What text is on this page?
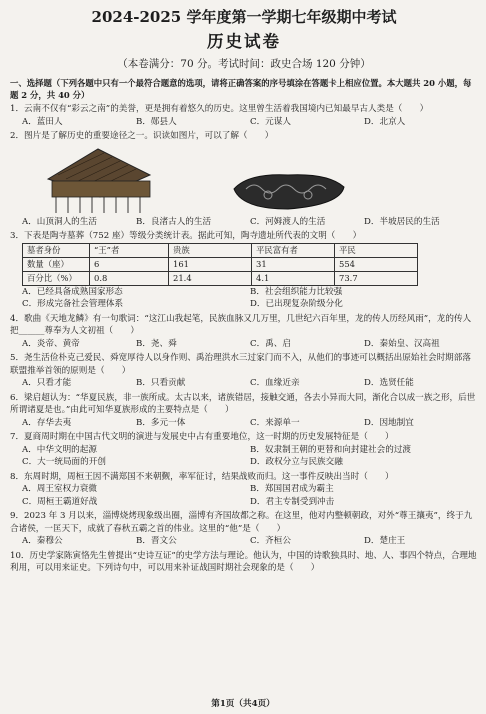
2024-2025 学年度第一学期七年级期中考试
历史试卷
（本卷满分：70 分。考试时间：政史合场 120 分钟）
一、选择题（下列各题中只有一个最符合题意的选项，请将正确答案的序号填涂在答题卡上相应位置。本大题共 20 小题，每题 2 分，共 40 分）
1．云南不仅有“彩云之南”的美誉，更是拥有着悠久的历史。这里曾生活着我国境内已知最早古人类是（　　）
A．蓝田人	B．郧县人	C．元谋人	D．北京人
2．图片是了解历史的重要途径之一。识读如图片，可以了解（　　）
A．山顶洞人的生活	B．良渚古人的生活	C．河姆渡人的生活	D．半坡居民的生活
3．下表是陶寺墓葬（752 座）等级分类统计表。据此可知，陶寺遗址所代表的文明（　　）
墓者身份	“王”者	贵族	平民富有者	平民
数量（座）	6	161	31	554
百分比（%）	0.8	21.4	4.1	73.7
A．已经具备成熟国家形态	B．社会组织能力比较强
C．形成完备社会管理体系	D．已出现复杂阶级分化
4．歌曲《天地龙鳞》有一句歌词：“这江山我起笔，民族血脉又几万里，几世纪六百年里，龙的传人历经风雨”，龙的传人把______尊奉为人文初祖（　　）
A．炎帝、黄帝	B．尧、舜	C．禹、启	D．秦始皇、汉高祖
5．尧生活俭朴克己爱民、舜宽厚待人以身作则、禹治理洪水三过家门而不入，从他们的事迹可以概括出原始社会时期部落联盟推举首领的原则是（　　）
A．只看才能	B．只看贡献	C．血缘近亲	D．选贤任能
6．梁启超认为：“华夏民族，非一族所成。太古以来，诸族错居，接触交通，各去小异而大同，渐化合以成一族之形，后世所谓诸夏是也。”由此可知华夏族形成的主要特点是（　　）
A．存华去夷	B．多元一体	C．来源单一	D．因地制宜
7．夏商周时期在中国古代文明的演进与发展史中占有重要地位，这一时期的历史发展特征是（　　）
A．中华文明的起源	B．奴隶制王朝的更替和向封建社会的过渡
C．大一统局面的开创	D．政权分立与民族交融
8．东周时期，周桓王因不满郑国不来朝觐，率军征讨，结果战败而归。这一事件反映出当时（　　）
A．周王室权力衰微	B．郑国国君成为霸主
C．周桓王霸道好战	D．君主专制受到冲击
9．2023 年 3 月以来，淄博烧烤现象级出圈，淄博有齐国故都之称。在这里，他对内整顿朝政，对外“尊王攘夷”，终于九合诸侯，一匡天下，成就了春秋五霸之首的伟业。这里的“他”是（　　）
A．秦穆公	B．晋文公	C．齐桓公	D．楚庄王
10．历史学家陈寅恪先生曾提出“史诗互证”的史学方法与理论。他认为，中国的诗歌独具时、地、人、事四个特点，合理地利用，可以用来证史。下列诗句中，可以用来补证战国时期社会现象的是（　　）
第1页（共4页）
